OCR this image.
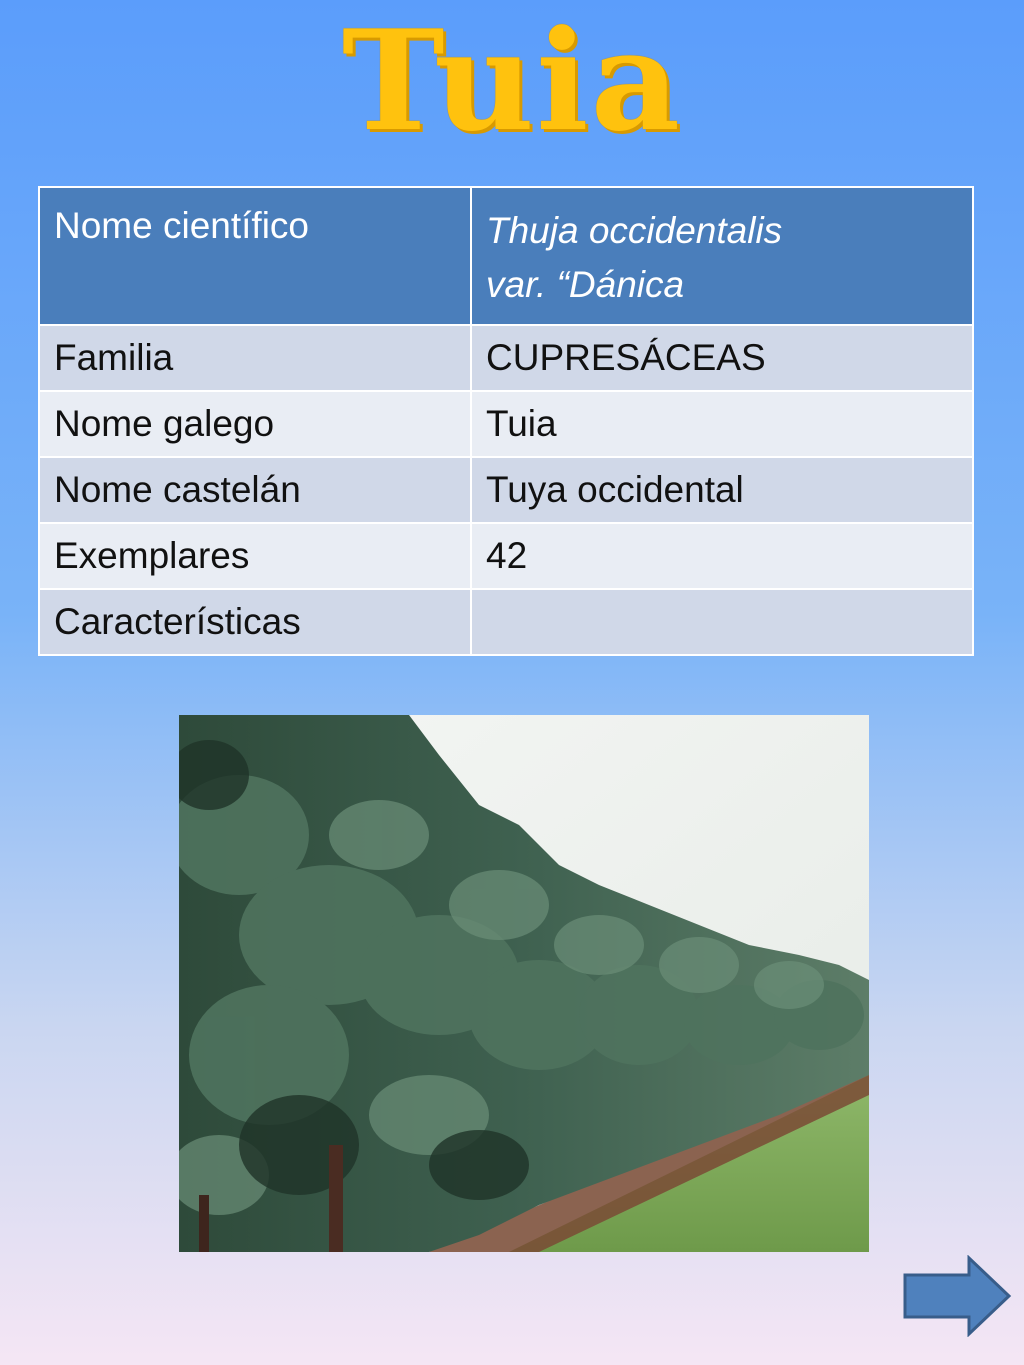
Tuia
Nome científico	Thuja occidentalis
var. “Dánica

Familia	CUPRESÁCEAS
Nome galego	Tuia
Nome castelán	Tuya occidental
Exemplares	42
Características	
